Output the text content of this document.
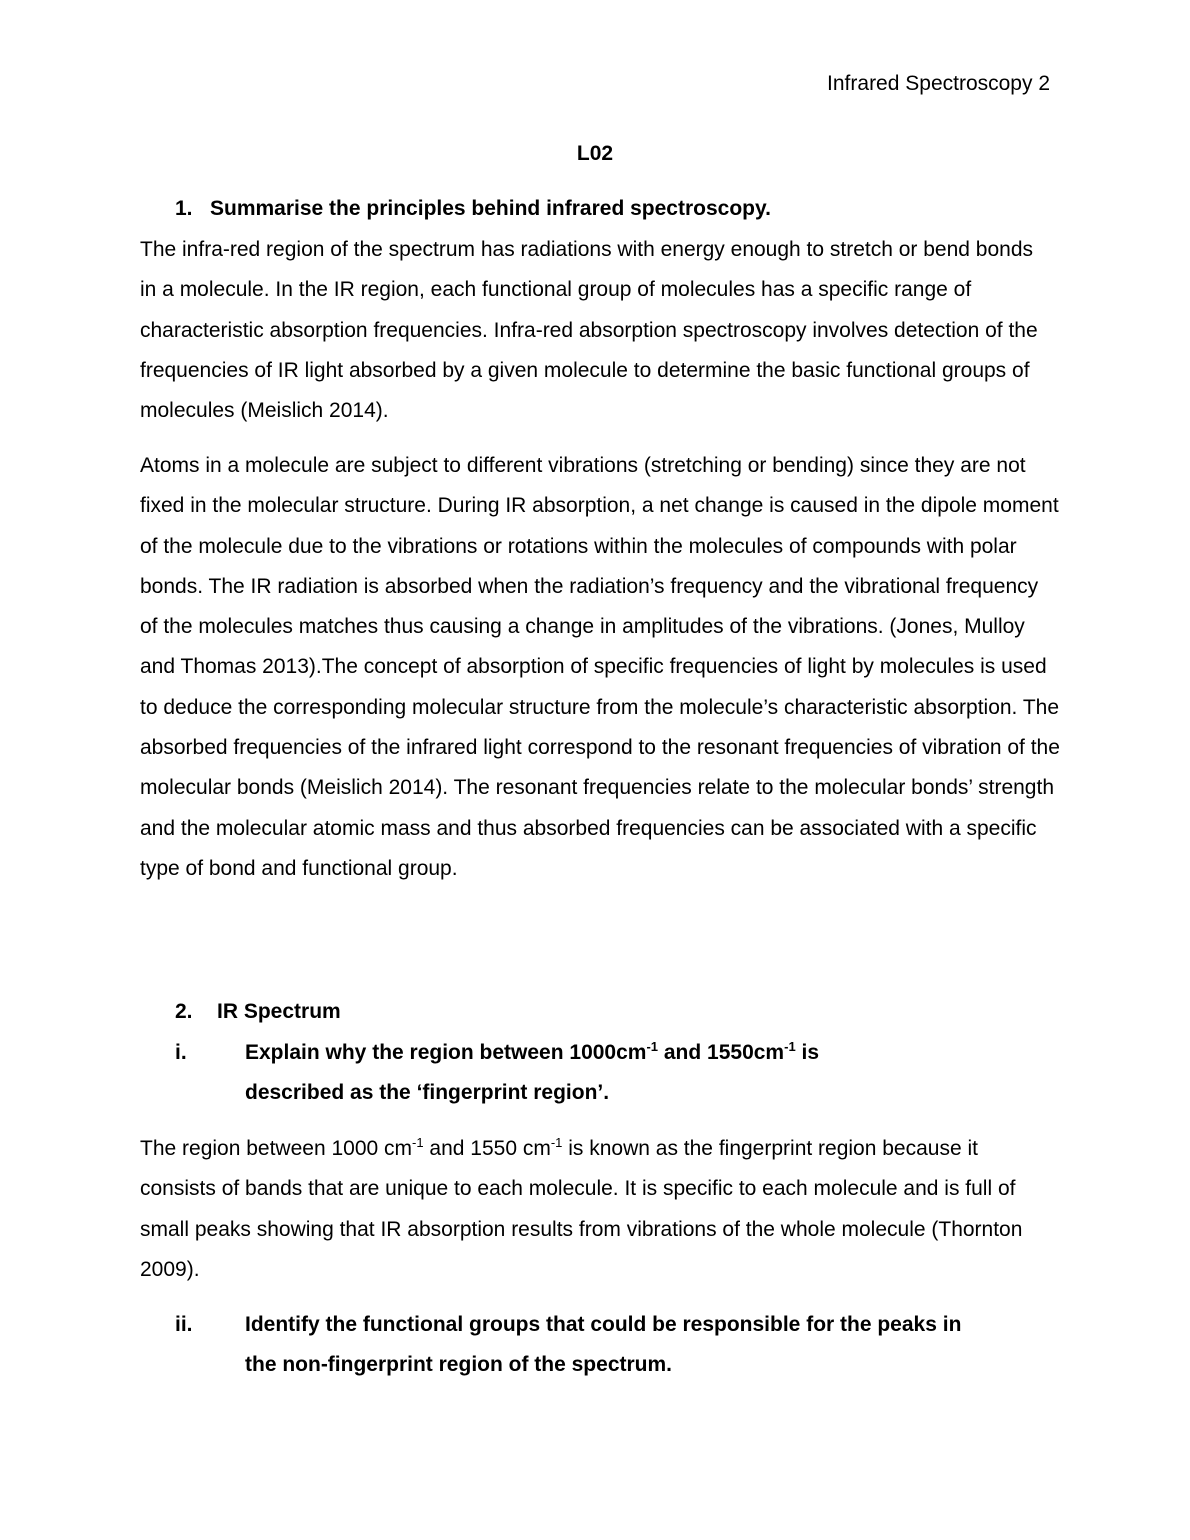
Infrared Spectroscopy 2
L02
1. Summarise the principles behind infrared spectroscopy.

The infra-red region of the spectrum has radiations with energy enough to stretch or bend bonds in a molecule. In the IR region, each functional group of molecules has a specific range of characteristic absorption frequencies. Infra-red absorption spectroscopy involves detection of the frequencies of IR light absorbed by a given molecule to determine the basic functional groups of molecules (Meislich 2014).

Atoms in a molecule are subject to different vibrations (stretching or bending) since they are not fixed in the molecular structure. During IR absorption, a net change is caused in the dipole moment of the molecule due to the vibrations or rotations within the molecules of compounds with polar bonds. The IR radiation is absorbed when the radiation’s frequency and the vibrational frequency of the molecules matches thus causing a change in amplitudes of the vibrations. (Jones, Mulloy and Thomas 2013).The concept of absorption of specific frequencies of light by molecules is used to deduce the corresponding molecular structure from the molecule’s characteristic absorption. The absorbed frequencies of the infrared light correspond to the resonant frequencies of vibration of the molecular bonds (Meislich 2014). The resonant frequencies relate to the molecular bonds’ strength and the molecular atomic mass and thus absorbed frequencies can be associated with a specific type of bond and functional group.

2. IR Spectrum
i.	Explain why the region between $1000cm^{-1}$ and $1550cm^{-1}$ is
described as the ‘fingerprint region’.

The region between 1000 $cm^{-1}$ and 1550 $cm^{-1}$ is known as the fingerprint region because it consists of bands that are unique to each molecule. It is specific to each molecule and is full of small peaks showing that IR absorption results from vibrations of the whole molecule (Thornton 2009).

ii. Identify the functional groups that could be responsible for the peaks in
the non-fingerprint region of the spectrum.
